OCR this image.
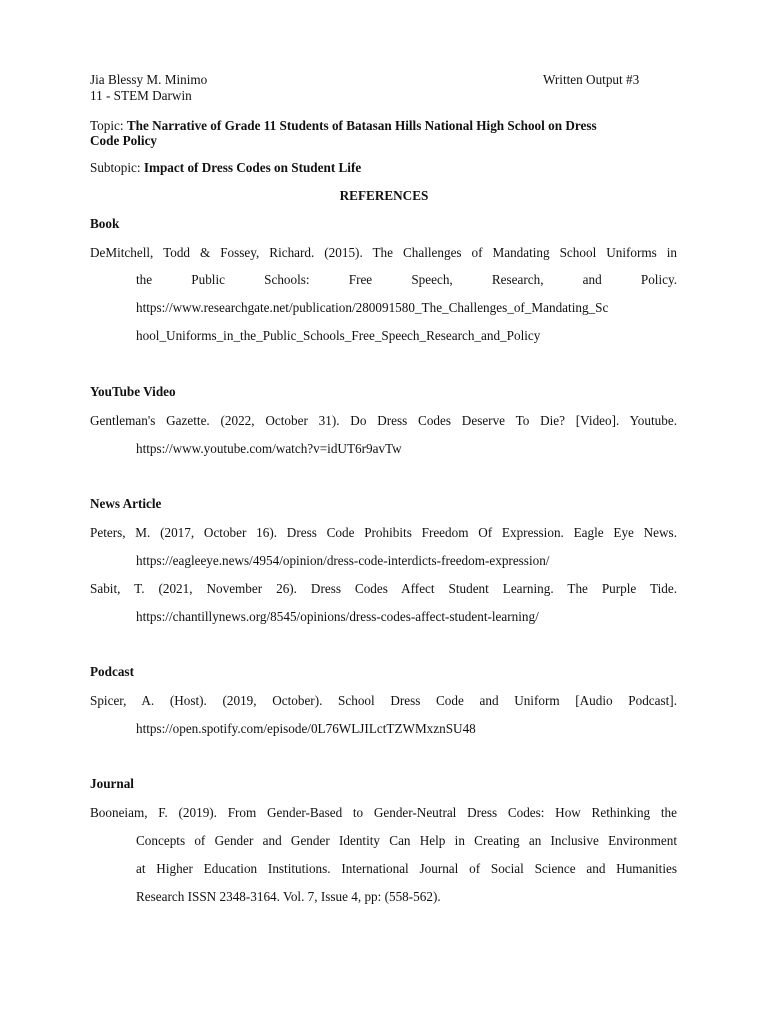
Jia Blessy M. Minimo
11 - STEM Darwin
Written Output #3
Topic: The Narrative of Grade 11 Students of Batasan Hills National High School on Dress
Code Policy
Subtopic: Impact of Dress Codes on Student Life
REFERENCES
Book
DeMitchell, Todd & Fossey, Richard. (2015). The Challenges of Mandating School Uniforms in
the Public Schools: Free Speech, Research, and Policy.
https://www.researchgate.net/publication/280091580_The_Challenges_of_Mandating_Sc
hool_Uniforms_in_the_Public_Schools_Free_Speech_Research_and_Policy
YouTube Video
Gentleman's Gazette. (2022, October 31). Do Dress Codes Deserve To Die? [Video]. Youtube.
https://www.youtube.com/watch?v=idUT6r9avTw
News Article
Peters, M. (2017, October 16). Dress Code Prohibits Freedom Of Expression. Eagle Eye News.
https://eagleeye.news/4954/opinion/dress-code-interdicts-freedom-expression/
Sabit, T. (2021, November 26). Dress Codes Affect Student Learning. The Purple Tide.
https://chantillynews.org/8545/opinions/dress-codes-affect-student-learning/
Podcast
Spicer, A. (Host). (2019, October). School Dress Code and Uniform [Audio Podcast].
https://open.spotify.com/episode/0L76WLJILctTZWMxznSU48
Journal
Booneiam, F. (2019). From Gender-Based to Gender-Neutral Dress Codes: How Rethinking the
Concepts of Gender and Gender Identity Can Help in Creating an Inclusive Environment
at Higher Education Institutions. International Journal of Social Science and Humanities
Research ISSN 2348-3164. Vol. 7, Issue 4, pp: (558-562).
